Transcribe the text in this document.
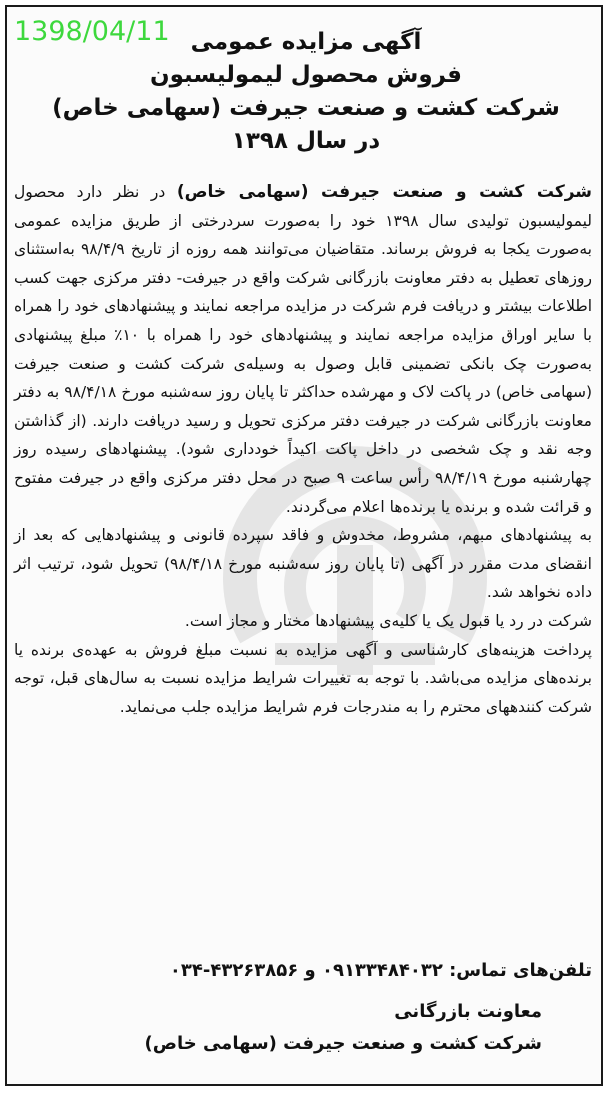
1398/04/11 آگهی مزایده عمومی
فروش محصول لیمولیسبون
شرکت کشت و صنعت جیرفت (سهامی خاص)
در سال ۱۳۹۸

شرکت کشت و صنعت جیرفت (سهامی خاص) در نظر دارد محصول لیمولیسبون تولیدی سال ۱۳۹۸ خود را به‌صورت سردرختی از طریق مزایده عمومی به‌صورت یکجا به فروش برساند. متقاضیان می‌توانند همه روزه از تاریخ ۹۸/۴/۹ به‌استثنای روزهای تعطیل به دفتر معاونت بازرگانی شرکت واقع در جیرفت- دفتر مرکزی جهت کسب اطلاعات بیشتر و دریافت فرم شرکت در مزایده مراجعه نمایند و پیشنهادهای خود را همراه با سایر اوراق مزایده مراجعه نمایند و پیشنهادهای خود را همراه با ۱۰٪ مبلغ پیشنهادی به‌صورت چک بانکی تضمینی قابل وصول به وسیله‌ی شرکت کشت و صنعت جیرفت (سهامی خاص) در پاکت لاک و مهرشده حداکثر تا پایان روز سه‌شنبه مورخ ۹۸/۴/۱۸ به دفتر معاونت بازرگانی شرکت در جیرفت دفتر مرکزی تحویل و رسید دریافت دارند. (از گذاشتن وجه نقد و چک شخصی در داخل پاکت اکیداً خودداری شود). پیشنهادهای رسیده روز چهارشنبه مورخ ۹۸/۴/۱۹ رأس ساعت ۹ صبح در محل دفتر مرکزی واقع در جیرفت مفتوح و قرائت شده و برنده یا برنده‌ها اعلام می‌گردند.

به پیشنهادهای مبهم، مشروط، مخدوش و فاقد سپرده قانونی و پیشنهادهایی که بعد از انقضای مدت مقرر در آگهی (تا پایان روز سه‌شنبه مورخ ۹۸/۴/۱۸) تحویل شود، ترتیب اثر داده نخواهد شد.

شرکت در رد یا قبول یک یا کلیه‌ی پیشنهادها مختار و مجاز است.

پرداخت هزینه‌های کارشناسی و آگهی مزایده به نسبت مبلغ فروش به عهده‌ی برنده یا برنده‌های مزایده می‌باشد. با توجه به تغییرات شرایط مزایده نسبت به سال‌های قبل، توجه شرکت کنندههای محترم را به مندرجات فرم شرایط مزایده جلب می‌نماید.

تلفن‌های تماس: ۰۹۱۳۳۴۸۴۰۳۲ و ۴۳۲۶۳۸۵۶-۰۳۴
معاونت بازرگانی
شرکت کشت و صنعت جیرفت (سهامی خاص)
